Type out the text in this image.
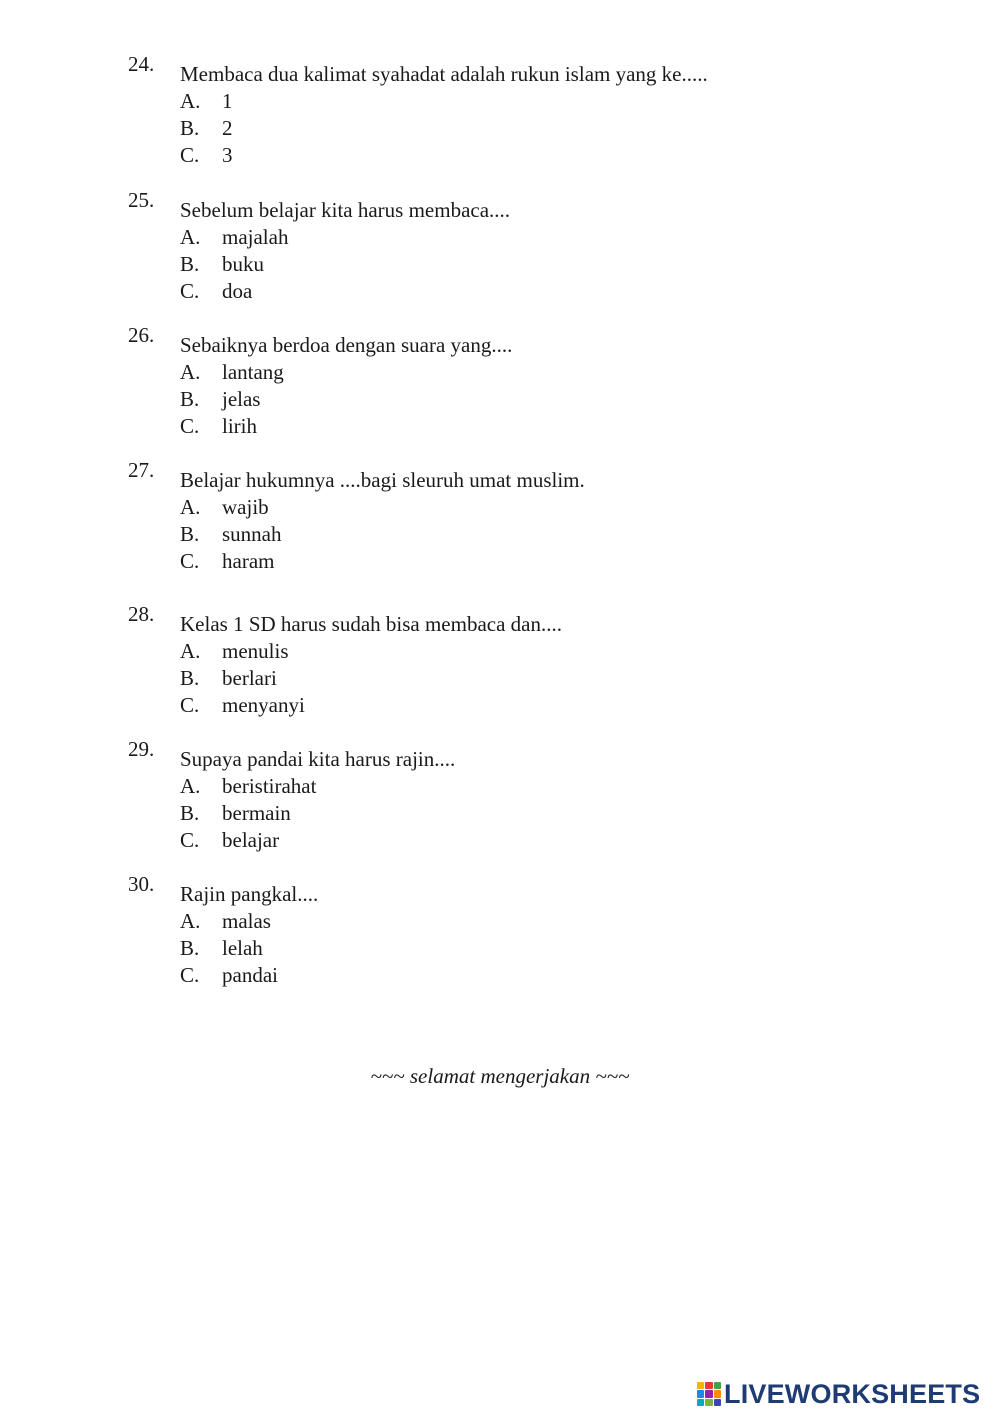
24. Membaca dua kalimat syahadat adalah rukun islam yang ke.....
A. 1
B. 2
C. 3
25. Sebelum belajar kita harus membaca....
A. majalah
B. buku
C. doa
26. Sebaiknya berdoa dengan suara yang....
A. lantang
B. jelas
C. lirih
27. Belajar hukumnya ....bagi sleuruh umat muslim.
A. wajib
B. sunnah
C. haram
28. Kelas 1 SD harus sudah bisa membaca dan....
A. menulis
B. berlari
C. menyanyi
29. Supaya pandai kita harus rajin....
A. beristirahat
B. bermain
C. belajar
30. Rajin pangkal....
A. malas
B. lelah
C. pandai
~~~ selamat mengerjakan ~~~
LIVEWORKSHEETS
